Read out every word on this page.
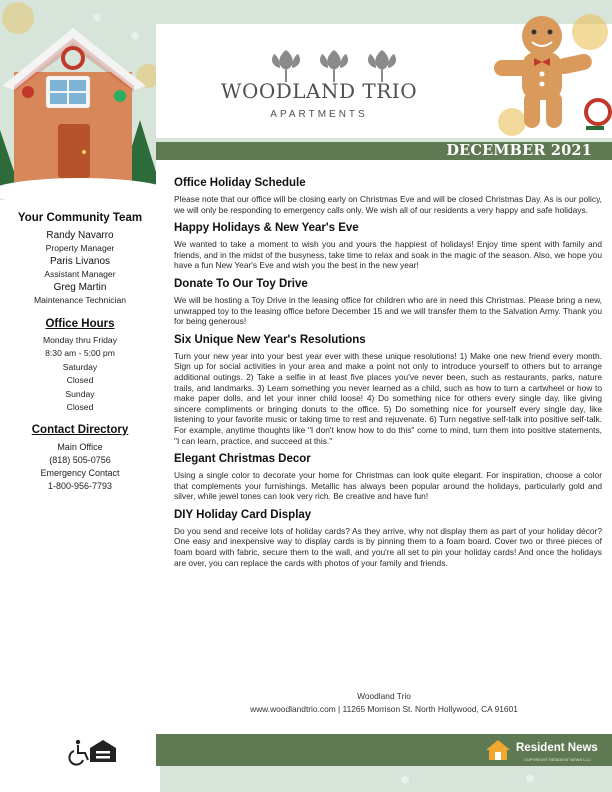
❄
❄
❄
❄

Your Community Team

Randy Navarro
Property Manager
Paris Livanos
Assistant Manager
Greg Martin
Maintenance Technician

Office Hours

Monday thru Friday
8:30 am - 5:00 pm
Saturday
Closed
Sunday
Closed

Contact Directory

Main Office
(818) 505-0756
Emergency Contact
1-800-956-7793
WOODLAND TRIO
APARTMENTS
DECEMBER 2021

Office Holiday Schedule

Please note that our office will be closing early on Christmas Eve and will be closed Christmas Day. As is our policy, we will only be responding to emergency calls only. We wish all of our residents a very happy and safe holidays.

Happy Holidays & New Year's Eve

We wanted to take a moment to wish you and yours the happiest of holidays! Enjoy time spent with family and friends, and in the midst of the busyness, take time to relax and soak in the magic of the season. Also, we hope you have a fun New Year's Eve and wish you the best in the new year!

Donate To Our Toy Drive

We will be hosting a Toy Drive in the leasing office for children who are in need this Christmas. Please bring a new, unwrapped toy to the leasing office before December 15 and we will transfer them to the Salvation Army. Thank you for being generous!

Six Unique New Year's Resolutions

Turn your new year into your best year ever with these unique resolutions! 1) Make one new friend every month. Sign up for social activities in your area and make a point not only to introduce yourself to others but to arrange additional outings. 2) Take a selfie in at least five places you've never been, such as restaurants, parks, nature trails, and landmarks. 3) Learn something you never learned as a child, such as how to turn a cartwheel or how to make paper dolls, and let your inner child loose! 4) Do something nice for others every single day, like giving sincere compliments or bringing donuts to the office. 5) Do something nice for yourself every single day, like listening to your favorite music or taking time to rest and rejuvenate. 6) Turn negative self-talk into positive self-talk. For example, anytime thoughts like "I don't know how to do this" come to mind, turn them into positive statements, "I can learn, practice, and succeed at this."

Elegant Christmas Decor

Using a single color to decorate your home for Christmas can look quite elegant. For inspiration, choose a color that complements your furnishings. Metallic has always been popular around the holidays, particularly gold and silver, while jewel tones can look very rich. Be creative and have fun!

DIY Holiday Card Display

Do you send and receive lots of holiday cards? As they arrive, why not display them as part of your holiday décor? One easy and inexpensive way to display cards is by pinning them to a foam board. Cover two or three pieces of foam board with fabric, secure them to the wall, and you're all set to pin your holiday cards! And once the holidays are over, you can replace the cards with photos of your family and friends.

Woodland Trio
www.woodlandtrio.com | 11265 Morrison St. North Hollywood, CA 91601
Resident News
COPYRIGHT RESIDENT NEWS LLC
